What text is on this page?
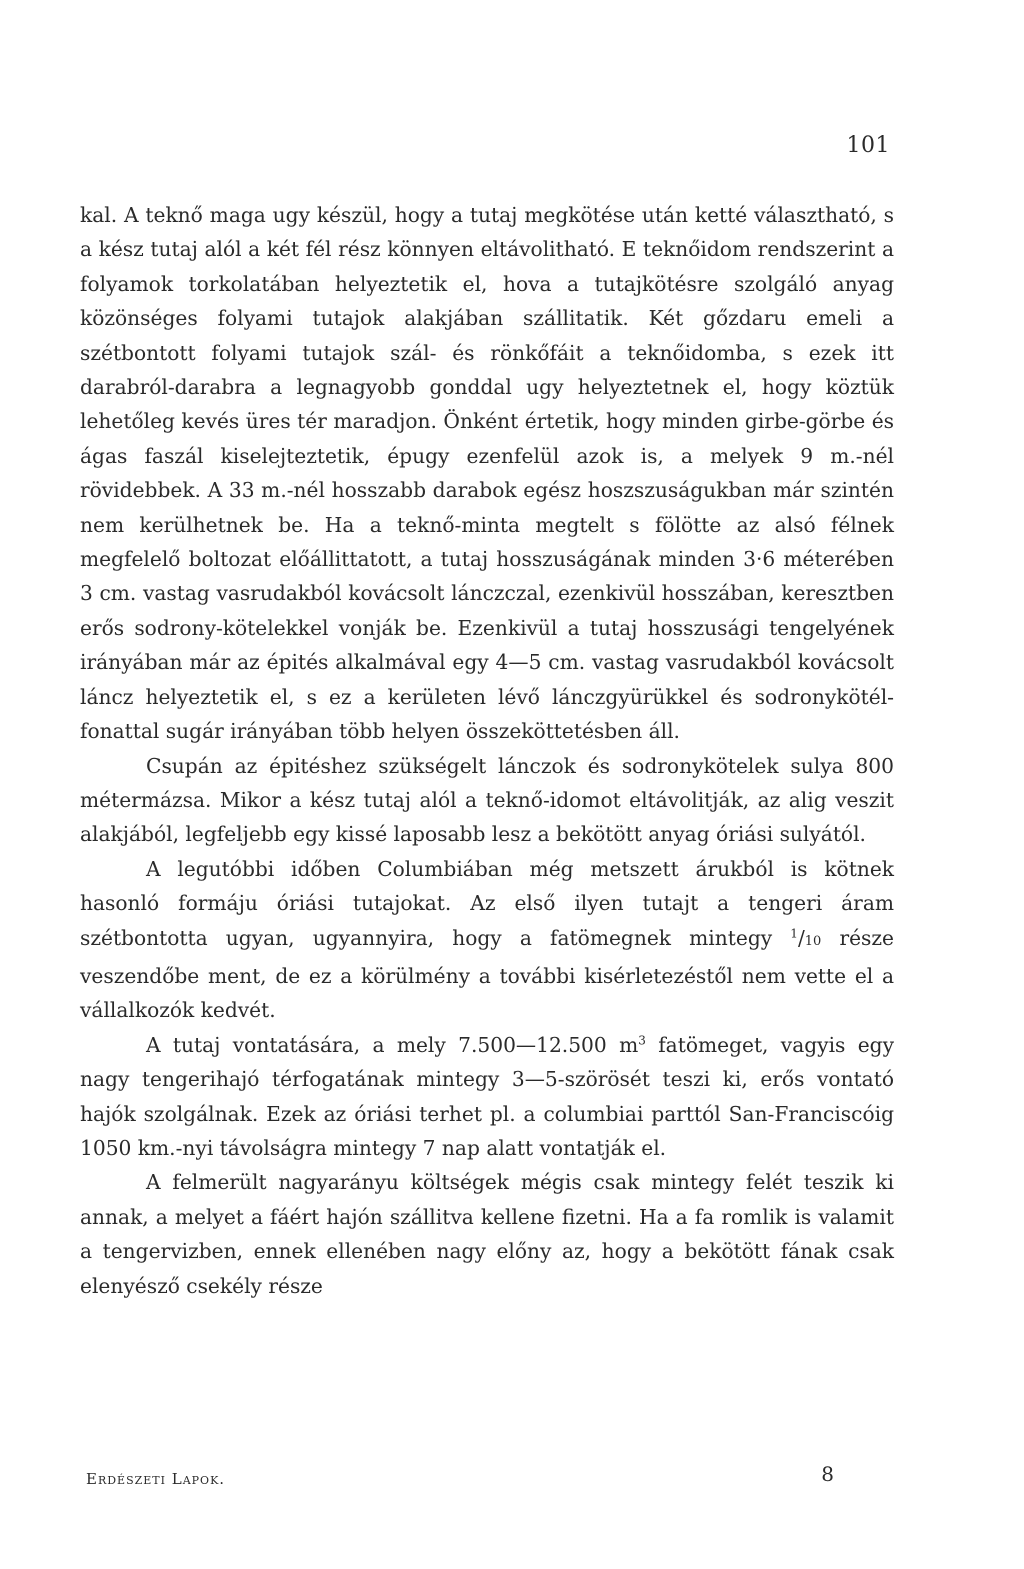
101

kal. A teknő maga ugy készül, hogy a tutaj megkötése után ketté választható, s a kész tutaj alól a két fél rész könnyen eltávolitható. E teknőidom rendszerint a folyamok torkolatában helyeztetik el, hova a tutajkötésre szolgáló anyag közönséges folyami tutajok alakjában szállitatik. Két gőzdaru emeli a szétbontott folyami tutajok szál- és rönkőfáit a teknőidomba, s ezek itt darabról-darabra a legnagyobb gonddal ugy helyeztetnek el, hogy köztük lehetőleg kevés üres tér maradjon. Önként értetik, hogy minden girbe-görbe és ágas faszál kiselejteztetik, épugy ezenfelül azok is, a melyek 9 m.-nél rövidebbek. A 33 m.-nél hosszabb darabok egész hoszszuságukban már szintén nem kerülhetnek be. Ha a teknő-minta megtelt s fölötte az alsó félnek megfelelő boltozat előállittatott, a tutaj hosszuságának minden 3·6 méterében 3 cm. vastag vasrudakból kovácsolt lánczczal, ezenkivül hosszában, keresztben erős sodrony-kötelekkel vonják be. Ezenkivül a tutaj hosszusági tengelyének irányában már az épités alkalmával egy 4—5 cm. vastag vasrudakból kovácsolt láncz helyeztetik el, s ez a kerületen lévő lánczgyürükkel és sodronykötél-fonattal sugár irányában több helyen összeköttetésben áll.

Csupán az épitéshez szükségelt lánczok és sodronykötelek sulya 800 métermázsa. Mikor a kész tutaj alól a teknő-idomot eltávolitják, az alig veszit alakjából, legfeljebb egy kissé laposabb lesz a bekötött anyag óriási sulyától.

A legutóbbi időben Columbiában még metszett árukból is kötnek hasonló formáju óriási tutajokat. Az első ilyen tutajt a tengeri áram szétbontotta ugyan, ugyannyira, hogy a fatömegnek mintegy $^1$/10 része veszendőbe ment, de ez a körülmény a további kisérletezéstől nem vette el a vállalkozók kedvét.

A tutaj vontatására, a mely 7.500—12.500 $m^3$ fatömeget, vagyis egy nagy tengerihajó térfogatának mintegy 3—5-szörösét teszi ki, erős vontató hajók szolgálnak. Ezek az óriási terhet pl. a columbiai parttól San-Franciscóig 1050 km.-nyi távolságra mintegy 7 nap alatt vontatják el.

A felmerült nagyarányu költségek mégis csak mintegy felét teszik ki annak, a melyet a fáért hajón szállitva kellene fizetni. Ha a fa romlik is valamit a tengervizben, ennek ellenében nagy előny az, hogy a bekötött fának csak elenyésző csekély része

Erdészeti Lapok.	8
